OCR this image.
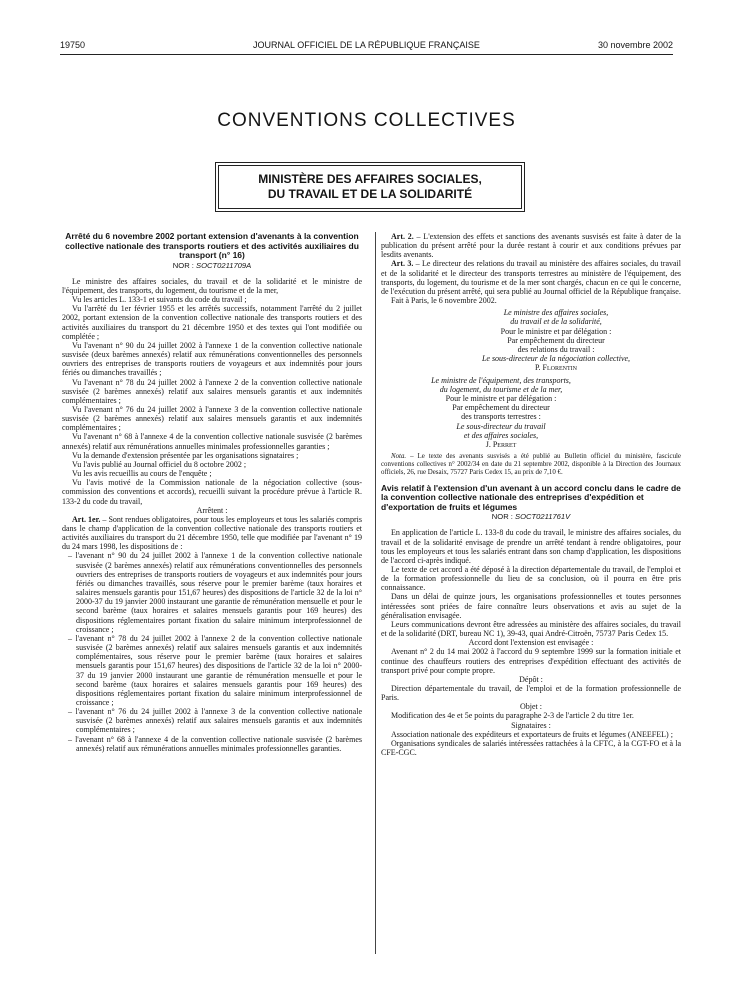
19750	JOURNAL OFFICIEL DE LA RÉPUBLIQUE FRANÇAISE	30 novembre 2002
CONVENTIONS COLLECTIVES
MINISTÈRE DES AFFAIRES SOCIALES,
DU TRAVAIL ET DE LA SOLIDARITÉ

Arrêté du 6 novembre 2002 portant extension d'avenants à la convention collective nationale des transports routiers et des activités auxiliaires du transport (n° 16)

NOR : SOCT0211709A

Le ministre des affaires sociales, du travail et de la solidarité et le ministre de l'équipement, des transports, du logement, du tourisme et de la mer,

Vu les articles L. 133-1 et suivants du code du travail ;

Vu l'arrêté du 1er février 1955 et les arrêtés successifs, notamment l'arrêté du 2 juillet 2002, portant extension de la convention collective nationale des transports routiers et des activités auxiliaires du transport du 21 décembre 1950 et des textes qui l'ont modifiée ou complétée ;

Vu l'avenant n° 90 du 24 juillet 2002 à l'annexe 1 de la convention collective nationale susvisée (deux barèmes annexés) relatif aux rémunérations conventionnelles des personnels ouvriers des entreprises de transports routiers de voyageurs et aux indemnités pour jours fériés ou dimanches travaillés ;

Vu l'avenant n° 78 du 24 juillet 2002 à l'annexe 2 de la convention collective nationale susvisée (2 barèmes annexés) relatif aux salaires mensuels garantis et aux indemnités complémentaires ;

Vu l'avenant n° 76 du 24 juillet 2002 à l'annexe 3 de la convention collective nationale susvisée (2 barèmes annexés) relatif aux salaires mensuels garantis et aux indemnités complémentaires ;

Vu l'avenant n° 68 à l'annexe 4 de la convention collective nationale susvisée (2 barèmes annexés) relatif aux rémunérations annuelles minimales professionnelles garanties ;

Vu la demande d'extension présentée par les organisations signataires ;

Vu l'avis publié au Journal officiel du 8 octobre 2002 ;

Vu les avis recueillis au cours de l'enquête ;

Vu l'avis motivé de la Commission nationale de la négociation collective (sous-commission des conventions et accords), recueilli suivant la procédure prévue à l'article R. 133-2 du code du travail,

Arrêtent :

Art. 1er. – Sont rendues obligatoires, pour tous les employeurs et tous les salariés compris dans le champ d'application de la convention collective nationale des transports routiers et activités auxiliaires du transport du 21 décembre 1950, telle que modifiée par l'avenant n° 19 du 24 mars 1998, les dispositions de :

– l'avenant n° 90 du 24 juillet 2002 à l'annexe 1 de la convention collective nationale susvisée (2 barèmes annexés) relatif aux rémunérations conventionnelles des personnels ouvriers des entreprises de transports routiers de voyageurs et aux indemnités pour jours fériés ou dimanches travaillés, sous réserve pour le premier barème (taux horaires et salaires mensuels garantis pour 151,67 heures) des dispositions de l'article 32 de la loi n° 2000-37 du 19 janvier 2000 instaurant une garantie de rémunération mensuelle et pour le second barème (taux horaires et salaires mensuels garantis pour 169 heures) des dispositions réglementaires portant fixation du salaire minimum interprofessionnel de croissance ;

– l'avenant n° 78 du 24 juillet 2002 à l'annexe 2 de la convention collective nationale susvisée (2 barèmes annexés) relatif aux salaires mensuels garantis et aux indemnités complémentaires, sous réserve pour le premier barème (taux horaires et salaires mensuels garantis pour 151,67 heures) des dispositions de l'article 32 de la loi n° 2000-37 du 19 janvier 2000 instaurant une garantie de rémunération mensuelle et pour le second barème (taux horaires et salaires mensuels garantis pour 169 heures) des dispositions réglementaires portant fixation du salaire minimum interprofessionnel de croissance ;

– l'avenant n° 76 du 24 juillet 2002 à l'annexe 3 de la convention collective nationale susvisée (2 barèmes annexés) relatif aux salaires mensuels garantis et aux indemnités complémentaires ;

– l'avenant n° 68 à l'annexe 4 de la convention collective nationale susvisée (2 barèmes annexés) relatif aux rémunérations annuelles minimales professionnelles garanties.

Art. 2. – L'extension des effets et sanctions des avenants susvisés est faite à dater de la publication du présent arrêté pour la durée restant à courir et aux conditions prévues par lesdits avenants.

Art. 3. – Le directeur des relations du travail au ministère des affaires sociales, du travail et de la solidarité et le directeur des transports terrestres au ministère de l'équipement, des transports, du logement, du tourisme et de la mer sont chargés, chacun en ce qui le concerne, de l'exécution du présent arrêté, qui sera publié au Journal officiel de la République française.

Fait à Paris, le 6 novembre 2002.

Le ministre des affaires sociales,

du travail et de la solidarité,

Pour le ministre et par délégation :

Par empêchement du directeur

des relations du travail :

Le sous-directeur de la négociation collective,

P. Florentin

Le ministre de l'équipement, des transports,

du logement, du tourisme et de la mer,

Pour le ministre et par délégation :

Par empêchement du directeur

des transports terrestres :

Le sous-directeur du travail

et des affaires sociales,

J. Perret

Nota. – Le texte des avenants susvisés a été publié au Bulletin officiel du ministère, fascicule conventions collectives n° 2002/34 en date du 21 septembre 2002, disponible à la Direction des Journaux officiels, 26, rue Desaix, 75727 Paris Cedex 15, au prix de 7,10 €.

Avis relatif à l'extension d'un avenant à un accord conclu dans le cadre de la convention collective nationale des entreprises d'expédition et d'exportation de fruits et légumes

NOR : SOCT0211761V

En application de l'article L. 133-8 du code du travail, le ministre des affaires sociales, du travail et de la solidarité envisage de prendre un arrêté tendant à rendre obligatoires, pour tous les employeurs et tous les salariés entrant dans son champ d'application, les dispositions de l'accord ci-après indiqué.

Le texte de cet accord a été déposé à la direction départementale du travail, de l'emploi et de la formation professionnelle du lieu de sa conclusion, où il pourra en être pris connaissance.

Dans un délai de quinze jours, les organisations professionnelles et toutes personnes intéressées sont priées de faire connaître leurs observations et avis au sujet de la généralisation envisagée.

Leurs communications devront être adressées au ministère des affaires sociales, du travail et de la solidarité (DRT, bureau NC 1), 39-43, quai André-Citroën, 75737 Paris Cedex 15.

Accord dont l'extension est envisagée :

Avenant n° 2 du 14 mai 2002 à l'accord du 9 septembre 1999 sur la formation initiale et continue des chauffeurs routiers des entreprises d'expédition effectuant des activités de transport privé pour compte propre.

Dépôt :

Direction départementale du travail, de l'emploi et de la formation professionnelle de Paris.

Objet :

Modification des 4e et 5e points du paragraphe 2-3 de l'article 2 du titre 1er.

Signataires :

Association nationale des expéditeurs et exportateurs de fruits et légumes (ANEEFEL) ;

Organisations syndicales de salariés intéressées rattachées à la CFTC, à la CGT-FO et à la CFE-CGC.
